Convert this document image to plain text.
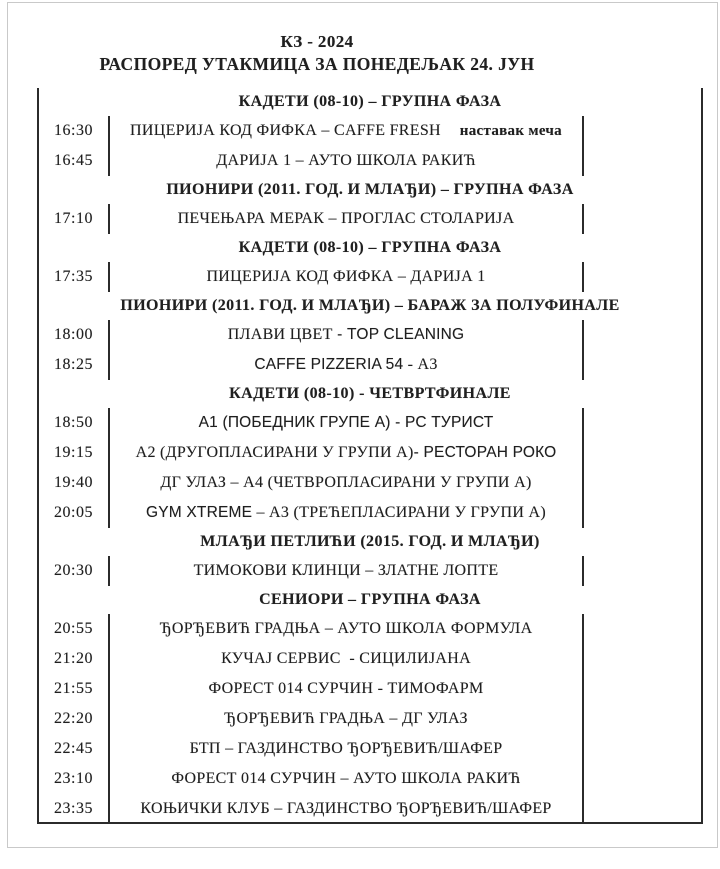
КЗ - 2024
РАСПОРЕД УТАКМИЦА ЗА ПОНЕДЕЉАК 24. ЈУН
КАДЕТИ (08-10) – ГРУПНА ФАЗА
16:30 ПИЦЕРИЈА КОД ФИФКА – CAFFE FRESH наставак меча
16:45	ДАРИЈА 1 – АУТО ШКОЛА РАКИЋ
ПИОНИРИ (2011. ГОД. И МЛАЂИ) – ГРУПНА ФАЗА
17:10	ПЕЧЕЊАРА МЕРАК – ПРОГЛАС СТОЛАРИЈА
КАДЕТИ (08-10) – ГРУПНА ФАЗА
17:35	ПИЦЕРИЈА КОД ФИФКА – ДАРИЈА 1
ПИОНИРИ (2011. ГОД. И МЛАЂИ) – БАРАЖ ЗА ПОЛУФИНАЛЕ
18:00	ПЛАВИ ЦВЕТ - TOP CLEANING
18:25	CAFFE PIZZERIA 54 - А3
КАДЕТИ (08-10) - ЧЕТВРТФИНАЛЕ
18:50	А1 (ПОБЕДНИК ГРУПЕ А) - РС ТУРИСТ
19:15	А2 (ДРУГОПЛАСИРАНИ У ГРУПИ А)- РЕСТОРАН РОКО
19:40	ДГ УЛАЗ – А4 (ЧЕТВРОПЛАСИРАНИ У ГРУПИ А)
20:05	GYM XTREME – А3 (ТРЕЋЕПЛАСИРАНИ У ГРУПИ А)
МЛАЂИ ПЕТЛИЋИ (2015. ГОД. И МЛАЂИ)
20:30	ТИМОКОВИ КЛИНЦИ – ЗЛАТНЕ ЛОПТЕ
СЕНИОРИ – ГРУПНА ФАЗА
20:55	ЂОРЂЕВИЋ ГРАДЊА – АУТО ШКОЛА ФОРМУЛА
21:20	КУЧАЈ СЕРВИС  - СИЦИЛИЈАНА
21:55	ФОРЕСТ 014 СУРЧИН - ТИМОФАРМ
22:20	ЂОРЂЕВИЋ ГРАДЊА – ДГ УЛАЗ
22:45	БТП – ГАЗДИНСТВО ЂОРЂЕВИЋ/ШАФЕР
23:10	ФОРЕСТ 014 СУРЧИН – АУТО ШКОЛА РАКИЋ
23:35	КОЊИЧКИ КЛУБ – ГАЗДИНСТВО ЂОРЂЕВИЋ/ШАФЕР
